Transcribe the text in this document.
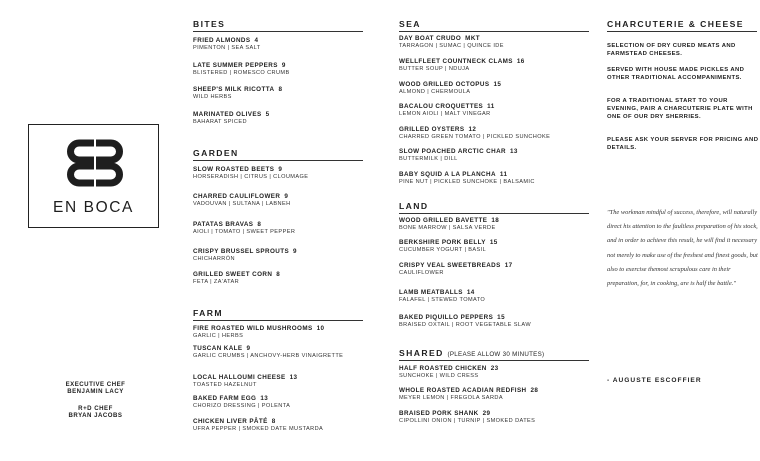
EN BOCA
EXECUTIVE CHEF
BENJAMIN LACY
R+D CHEF
BRYAN JACOBS
BITES
FRIED ALMONDS 4
PIMENTON | SEA SALT
LATE SUMMER PEPPERS 9
BLISTERED | ROMESCO CRUMB
SHEEP'S MILK RICOTTA 8
WILD HERBS
MARINATED OLIVES 5
BAHARAT SPICED
GARDEN
SLOW ROASTED BEETS 9
HORSERADISH | CITRUS | CLOUMAGE
CHARRED CAULIFLOWER 9
VADOUVAN | SULTANA | LABNEH
PATATAS BRAVAS 8
AIOLI | TOMATO | SWEET PEPPER
CRISPY BRUSSEL SPROUTS 9
CHICHARRÓN
GRILLED SWEET CORN 8
FETA | ZA'ATAR
FARM
FIRE ROASTED WILD MUSHROOMS 10
GARLIC | HERBS
TUSCAN KALE 9
GARLIC CRUMBS | ANCHOVY-HERB VINAIGRETTE
LOCAL HALLOUMI CHEESE 13
TOASTED HAZELNUT
BAKED FARM EGG 13
CHORIZO DRESSING | POLENTA
CHICKEN LIVER PÂTÉ 8
UFRA PEPPER | SMOKED DATE MUSTARDA
SEA
DAY BOAT CRUDO MKT
TARRAGON | SUMAC | QUINCE IDE
WELLFLEET COUNTNECK CLAMS 16
BUTTER SOUP | NDUJA
WOOD GRILLED OCTOPUS 15
ALMOND | CHERMOULA
BACALOU CROQUETTES 11
LEMON AIOLI | MALT VINEGAR
GRILLED OYSTERS 12
CHARRED GREEN TOMATO | PICKLED SUNCHOKE
SLOW POACHED ARCTIC CHAR 13
BUTTERMILK | DILL
BABY SQUID A LA PLANCHA 11
PINE NUT | PICKLED SUNCHOKE | BALSAMIC
LAND
WOOD GRILLED BAVETTE 18
BONE MARROW | SALSA VERDE
BERKSHIRE PORK BELLY 15
CUCUMBER YOGURT | BASIL
CRISPY VEAL SWEETBREADS 17
CAULIFLOWER
LAMB MEATBALLS 14
FALAFEL | STEWED TOMATO
BAKED PIQUILLO PEPPERS 15
BRAISED OXTAIL | ROOT VEGETABLE SLAW
SHARED (PLEASE ALLOW 30 MINUTES)
HALF ROASTED CHICKEN 23
SUNCHOKE | WILD CRESS
WHOLE ROASTED ACADIAN REDFISH 28
MEYER LEMON | FREGOLA SARDA
BRAISED PORK SHANK 29
CIPOLLINI ONION | TURNIP | SMOKED DATES
CHARCUTERIE & CHEESE
SELECTION OF DRY CURED MEATS AND FARMSTEAD CHEESES.
SERVED WITH HOUSE MADE PICKLES AND OTHER TRADITIONAL ACCOMPANIMENTS.
FOR A TRADITIONAL START TO YOUR EVENING, PAIR A CHARCUTERIE PLATE WITH ONE OF OUR DRY SHERRIES.
PLEASE ASK YOUR SERVER FOR PRICING AND DETAILS.
"The workman mindful of success, therefore, will naturally direct his attention to the faultless preparation of his stock, and in order to achieve this result, he will find it necessary not merely to make use of the freshest and finest goods, but also to exercise themost scrupulous care in their preparation, for, in cooking, are is half the battle."
- AUGUSTE ESCOFFIER
